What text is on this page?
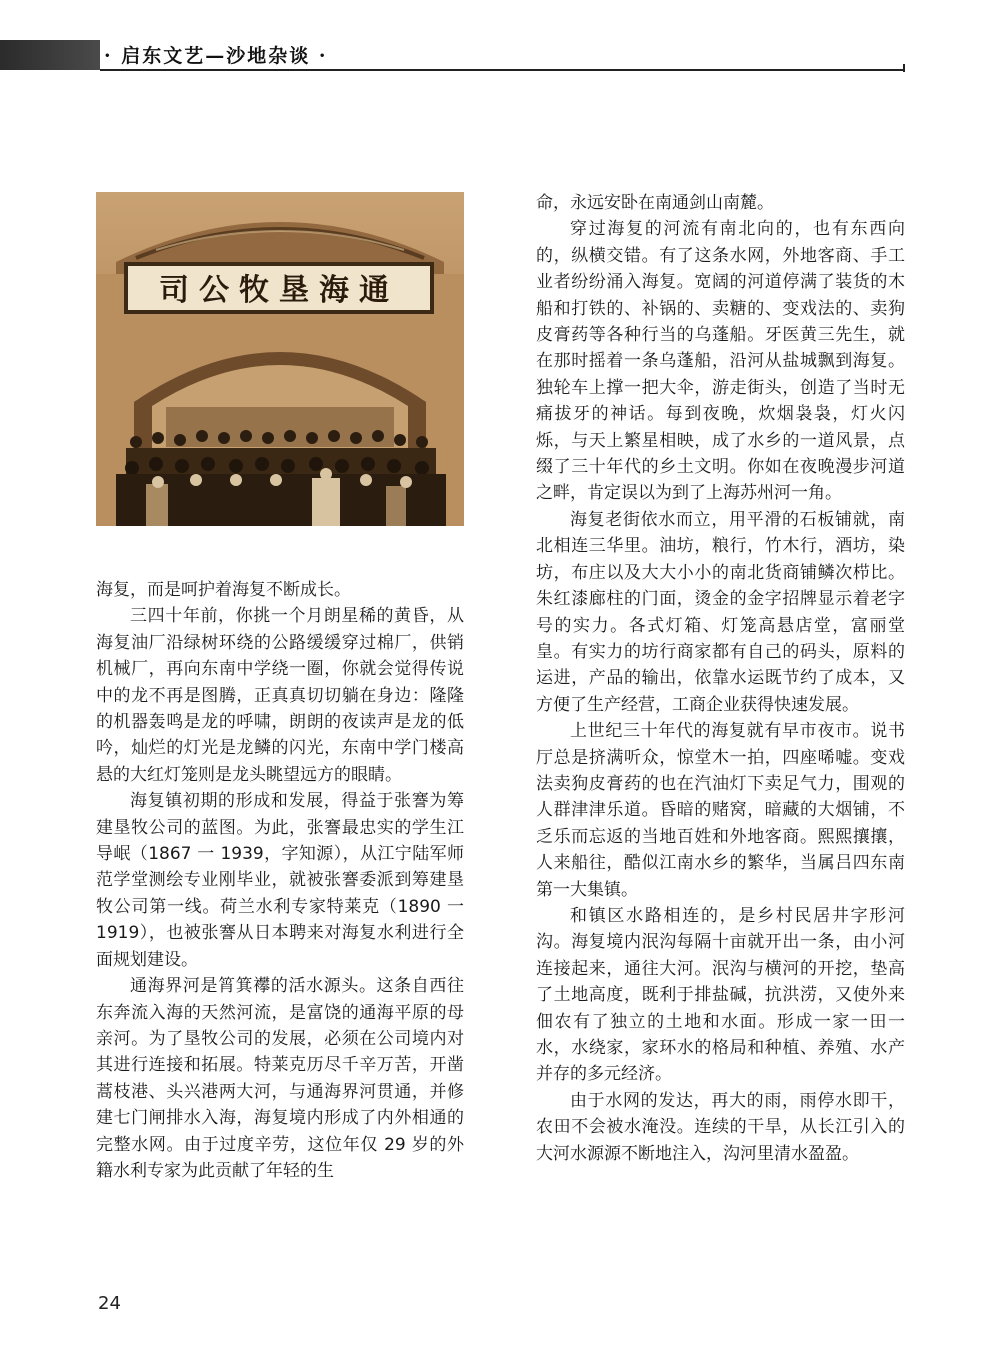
· 启东文艺—沙地杂谈 ·
司公牧垦海通

海复，而是呵护着海复不断成长。

三四十年前，你挑一个月朗星稀的黄昏，从海复油厂沿绿树环绕的公路缓缓穿过棉厂，供销机械厂，再向东南中学绕一圈，你就会觉得传说中的龙不再是图腾，正真真切切躺在身边：隆隆的机器轰鸣是龙的呼啸，朗朗的夜读声是龙的低吟，灿烂的灯光是龙鳞的闪光，东南中学门楼高悬的大红灯笼则是龙头眺望远方的眼睛。

海复镇初期的形成和发展，得益于张謇为筹建垦牧公司的蓝图。为此，张謇最忠实的学生江导岷（1867 一 1939，字知源），从江宁陆军师范学堂测绘专业刚毕业，就被张謇委派到筹建垦牧公司第一线。荷兰水利专家特莱克（1890 一 1919），也被张謇从日本聘来对海复水利进行全面规划建设。

通海界河是筲箕襻的活水源头。这条自西往东奔流入海的天然河流，是富饶的通海平原的母亲河。为了垦牧公司的发展，必须在公司境内对其进行连接和拓展。特莱克历尽千辛万苦，开凿蒿枝港、头兴港两大河，与通海界河贯通，并修建七门闸排水入海，海复境内形成了内外相通的完整水网。由于过度辛劳，这位年仅 29 岁的外籍水利专家为此贡献了年轻的生

命，永远安卧在南通剑山南麓。

穿过海复的河流有南北向的，也有东西向的，纵横交错。有了这条水网，外地客商、手工业者纷纷涌入海复。宽阔的河道停满了装货的木船和打铁的、补锅的、卖糖的、变戏法的、卖狗皮膏药等各种行当的乌蓬船。牙医黄三先生，就在那时摇着一条乌蓬船，沿河从盐城飘到海复。独轮车上撑一把大伞，游走街头，创造了当时无痛拔牙的神话。每到夜晚，炊烟袅袅，灯火闪烁，与天上繁星相映，成了水乡的一道风景，点缀了三十年代的乡土文明。你如在夜晚漫步河道之畔，肯定误以为到了上海苏州河一角。

海复老街依水而立，用平滑的石板铺就，南北相连三华里。油坊，粮行，竹木行，酒坊，染坊，布庄以及大大小小的南北货商铺鳞次栉比。朱红漆廊柱的门面，烫金的金字招牌显示着老字号的实力。各式灯箱、灯笼高悬店堂，富丽堂皇。有实力的坊行商家都有自己的码头，原料的运进，产品的输出，依靠水运既节约了成本，又方便了生产经营，工商企业获得快速发展。

上世纪三十年代的海复就有早市夜市。说书厅总是挤满听众，惊堂木一拍，四座唏嘘。变戏法卖狗皮膏药的也在汽油灯下卖足气力，围观的人群津津乐道。昏暗的赌窝，暗藏的大烟铺，不乏乐而忘返的当地百姓和外地客商。熙熙攘攘，人来船往，酷似江南水乡的繁华，当属吕四东南第一大集镇。

和镇区水路相连的，是乡村民居井字形河沟。海复境内泯沟每隔十亩就开出一条，由小河连接起来，通往大河。泯沟与横河的开挖，垫高了土地高度，既利于排盐碱，抗洪涝，又使外来佃农有了独立的土地和水面。形成一家一田一水，水绕家，家环水的格局和种植、养殖、水产并存的多元经济。

由于水网的发达，再大的雨，雨停水即干，农田不会被水淹没。连续的干旱，从长江引入的大河水源源不断地注入，沟河里清水盈盈。

24
